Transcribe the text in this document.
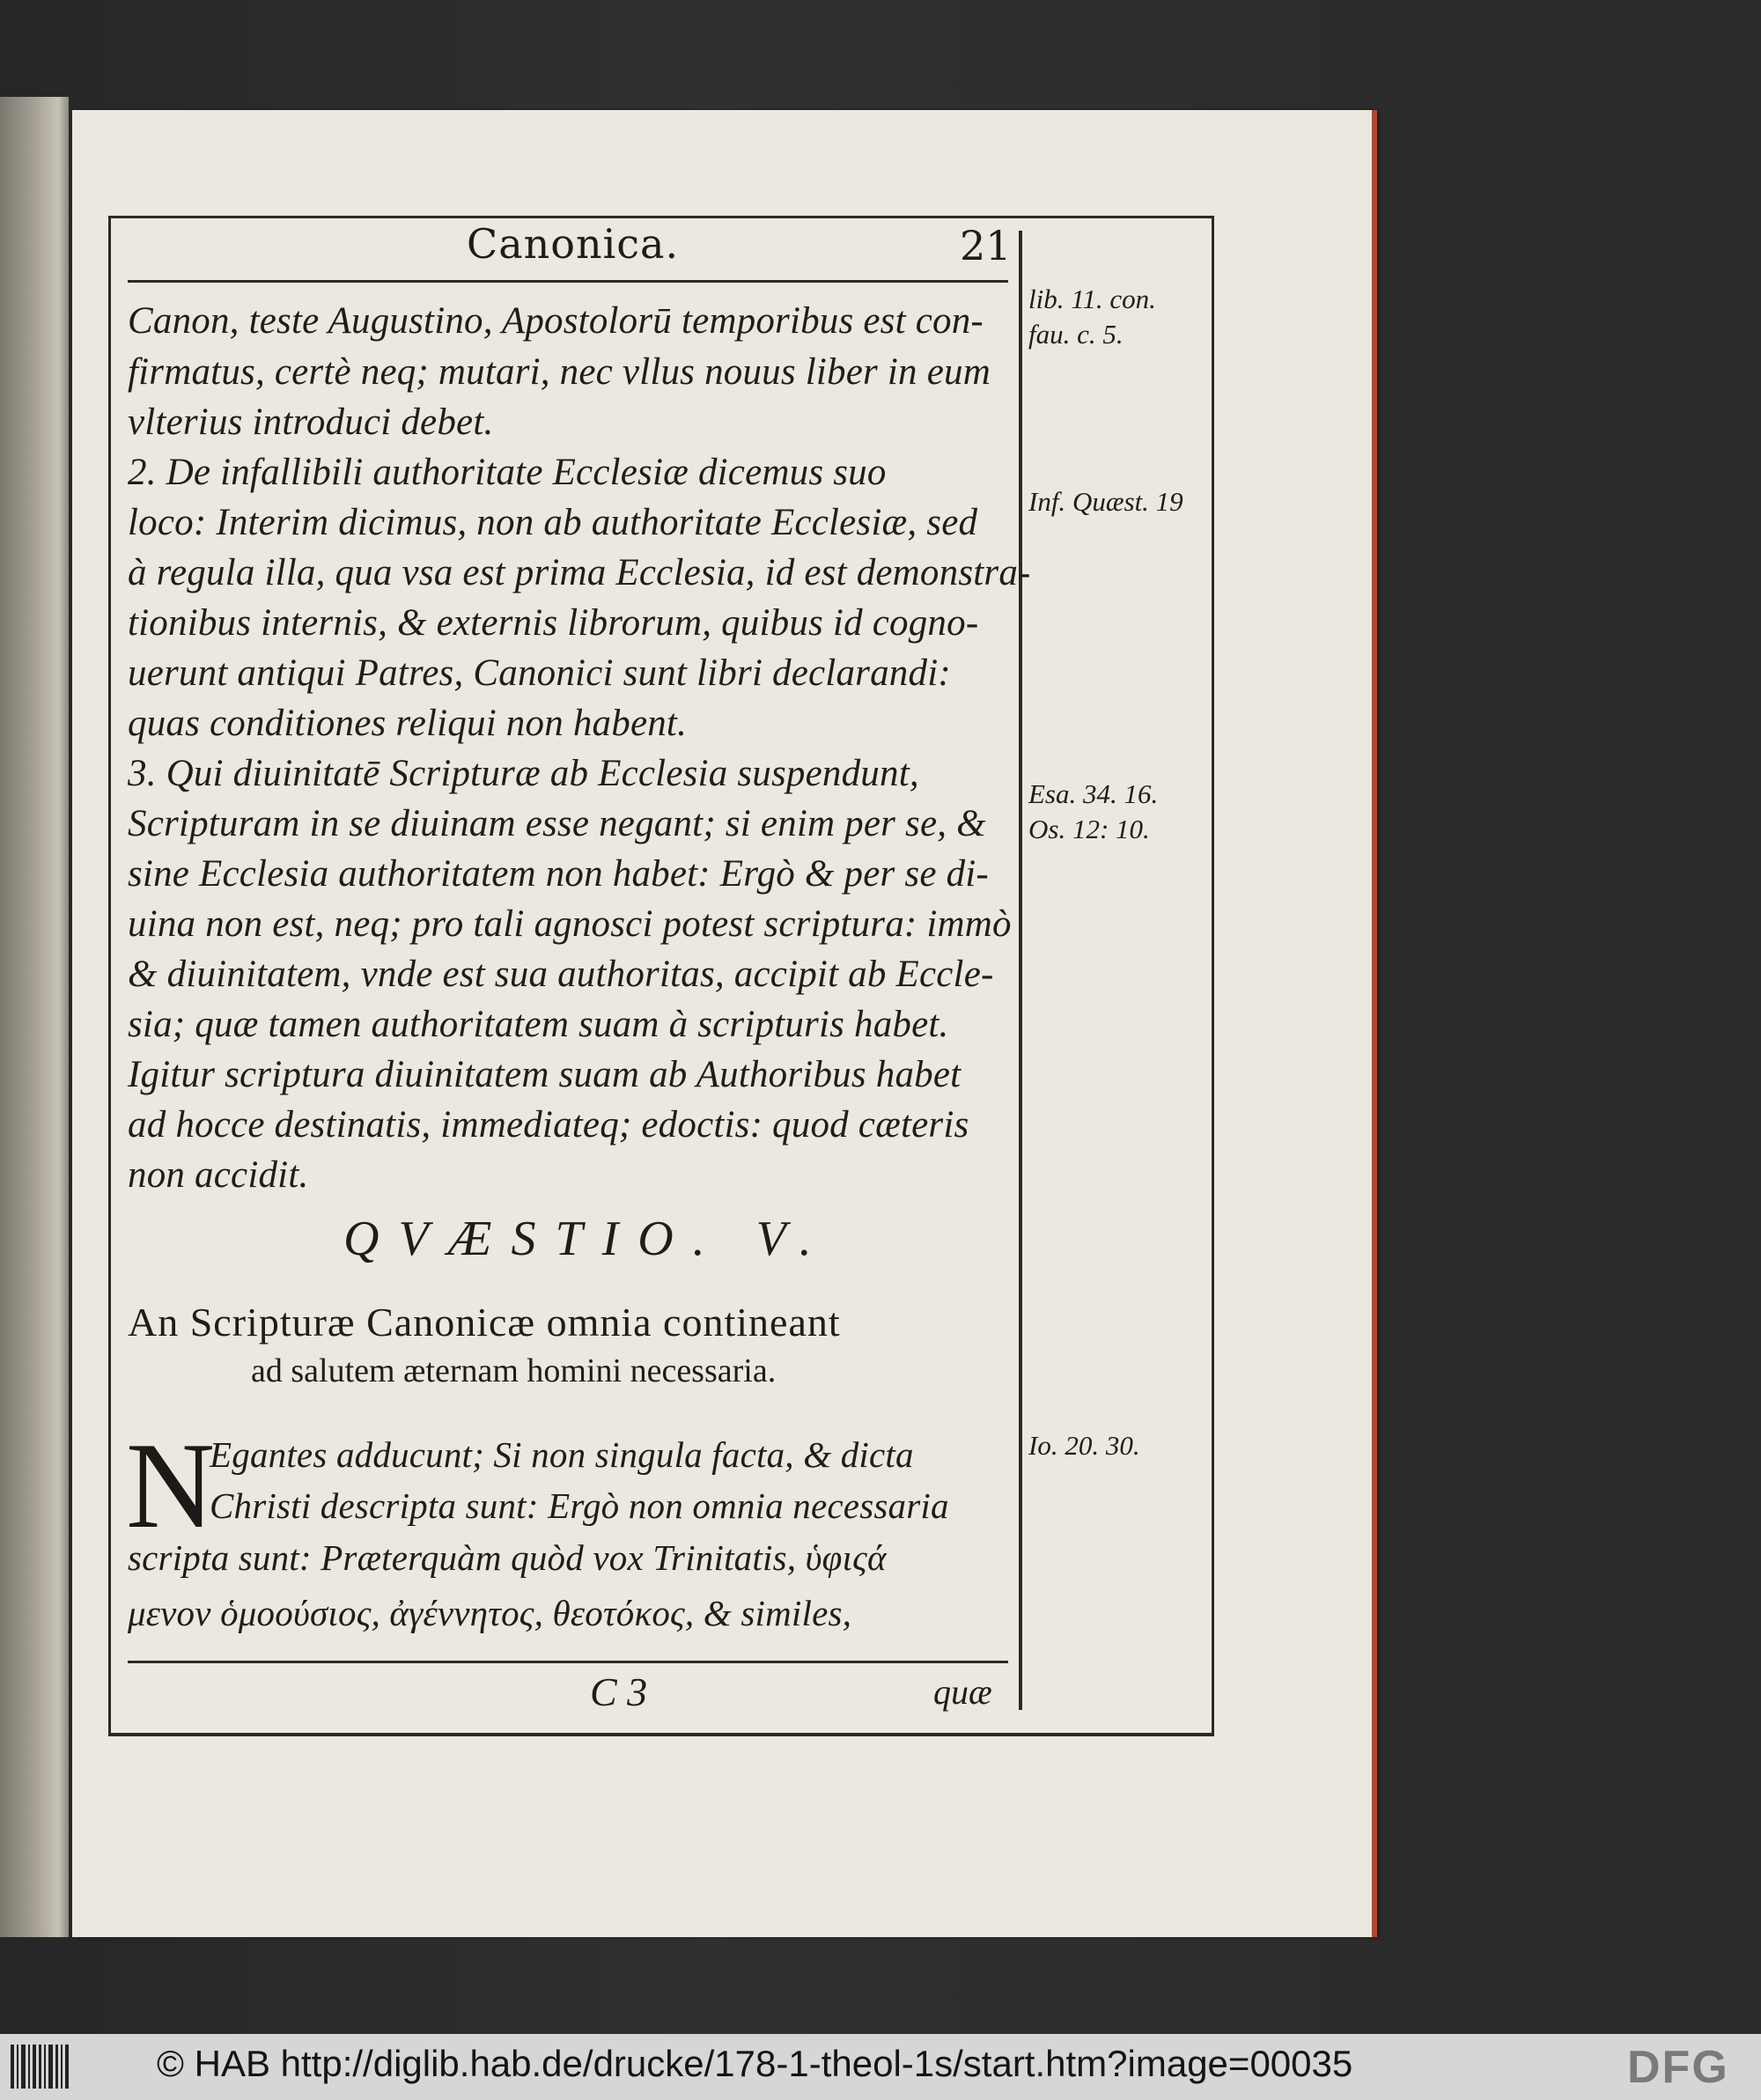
Canonica.	21
Canon, teste Augustino, Apostolorū temporibus est con-
firmatus, certè neq; mutari, nec vllus nouus liber in eum
vlterius introduci debet.
2. De infallibili authoritate Ecclesiæ dicemus suo
loco: Interim dicimus, non ab authoritate Ecclesiæ, sed
à regula illa, qua vsa est prima Ecclesia, id est demonstra-
tionibus internis, & externis librorum, quibus id cogno-
uerunt antiqui Patres, Canonici sunt libri declarandi:
quas conditiones reliqui non habent.
3. Qui diuinitatē Scripturæ ab Ecclesia suspendunt,
Scripturam in se diuinam esse negant; si enim per se, &
sine Ecclesia authoritatem non habet: Ergò & per se di-
uina non est, neq; pro tali agnosci potest scriptura: immò
& diuinitatem, vnde est sua authoritas, accipit ab Eccle-
sia; quæ tamen authoritatem suam à scripturis habet.
Igitur scriptura diuinitatem suam ab Authoribus habet
ad hocce destinatis, immediateq; edoctis: quod cæteris
non accidit.
QVÆSTIO. V.
An Scripturæ Canonicæ omnia contineant
ad salutem æternam homini necessaria.
N
Egantes adducunt; Si non singula facta, & dicta
Christi descripta sunt: Ergò non omnia necessaria
scripta sunt: Præterquàm quòd vox Trinitatis, ὑφιςά
μενον ὁμοούσιος, ἀγέννητος, θεοτόκος, & similes,
C 3	quæ
lib. 11. con.
fau. c. 5.
Inf. Quæst. 19
Esa. 34. 16.
Os. 12: 10.
Io. 20. 30.
© HAB http://diglib.hab.de/drucke/178-1-theol-1s/start.htm?image=00035	DFG
